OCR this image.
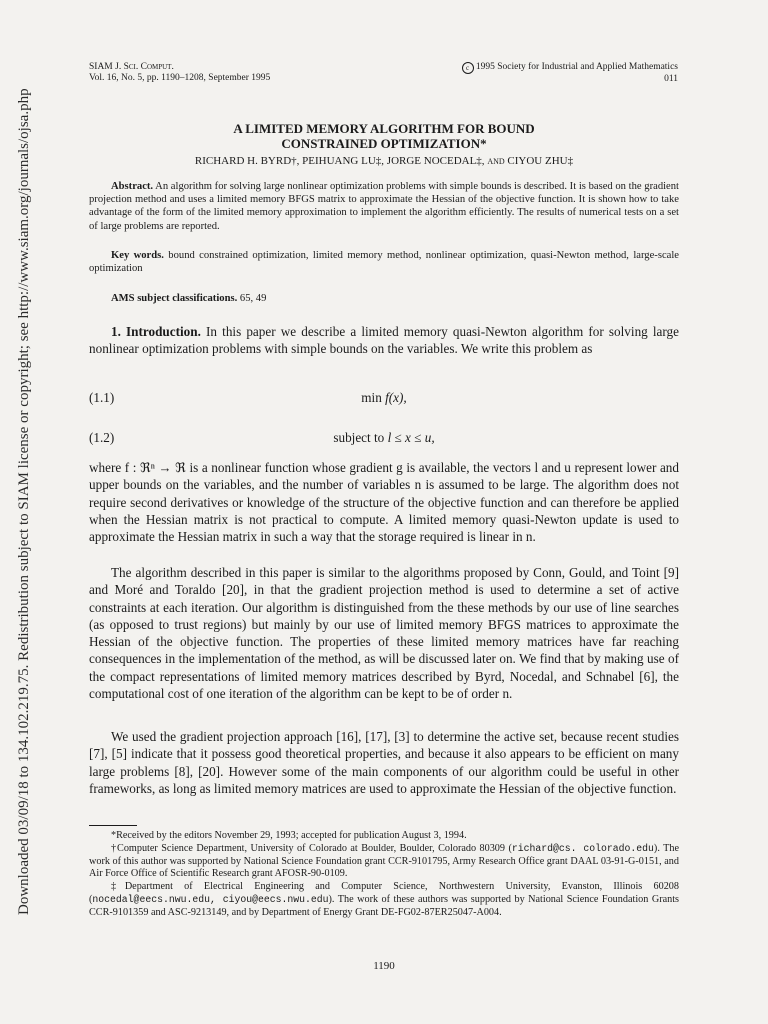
Downloaded 03/09/18 to 134.102.219.75. Redistribution subject to SIAM license or copyright; see http://www.siam.org/journals/ojsa.php
SIAM J. Sci. Comput.
Vol. 16, No. 5, pp. 1190–1208, September 1995
c 1995 Society for Industrial and Applied Mathematics
011
A LIMITED MEMORY ALGORITHM FOR BOUND
CONSTRAINED OPTIMIZATION*
RICHARD H. BYRD†, PEIHUANG LU‡, JORGE NOCEDAL‡, and CIYOU ZHU‡
Abstract. An algorithm for solving large nonlinear optimization problems with simple bounds is described. It is based on the gradient projection method and uses a limited memory BFGS matrix to approximate the Hessian of the objective function. It is shown how to take advantage of the form of the limited memory approximation to implement the algorithm efficiently. The results of numerical tests on a set of large problems are reported.
Key words. bound constrained optimization, limited memory method, nonlinear optimization, quasi-Newton method, large-scale optimization
AMS subject classifications. 65, 49
1. Introduction. In this paper we describe a limited memory quasi-Newton algorithm for solving large nonlinear optimization problems with simple bounds on the variables. We write this problem as
(1.1)	min f(x),
(1.2)	subject to l ≤ x ≤ u,
where f : ℜⁿ → ℜ is a nonlinear function whose gradient g is available, the vectors l and u represent lower and upper bounds on the variables, and the number of variables n is assumed to be large. The algorithm does not require second derivatives or knowledge of the structure of the objective function and can therefore be applied when the Hessian matrix is not practical to compute. A limited memory quasi-Newton update is used to approximate the Hessian matrix in such a way that the storage required is linear in n.
The algorithm described in this paper is similar to the algorithms proposed by Conn, Gould, and Toint [9] and Moré and Toraldo [20], in that the gradient projection method is used to determine a set of active constraints at each iteration. Our algorithm is distinguished from the these methods by our use of line searches (as opposed to trust regions) but mainly by our use of limited memory BFGS matrices to approximate the Hessian of the objective function. The properties of these limited memory matrices have far reaching consequences in the implementation of the method, as will be discussed later on. We find that by making use of the compact representations of limited memory matrices described by Byrd, Nocedal, and Schnabel [6], the computational cost of one iteration of the algorithm can be kept to be of order n.
We used the gradient projection approach [16], [17], [3] to determine the active set, because recent studies [7], [5] indicate that it possess good theoretical properties, and because it also appears to be efficient on many large problems [8], [20]. However some of the main components of our algorithm could be useful in other frameworks, as long as limited memory matrices are used to approximate the Hessian of the objective function.

*Received by the editors November 29, 1993; accepted for publication August 3, 1994.

†Computer Science Department, University of Colorado at Boulder, Boulder, Colorado 80309 (richard@cs. colorado.edu). The work of this author was supported by National Science Foundation grant CCR-9101795, Army Research Office grant DAAL 03-91-G-0151, and Air Force Office of Scientific Research grant AFOSR-90-0109.

‡Department of Electrical Engineering and Computer Science, Northwestern University, Evanston, Illinois 60208 (nocedal@eecs.nwu.edu, ciyou@eecs.nwu.edu). The work of these authors was supported by National Science Foundation Grants CCR-9101359 and ASC-9213149, and by Department of Energy Grant DE-FG02-87ER25047-A004.

1190
